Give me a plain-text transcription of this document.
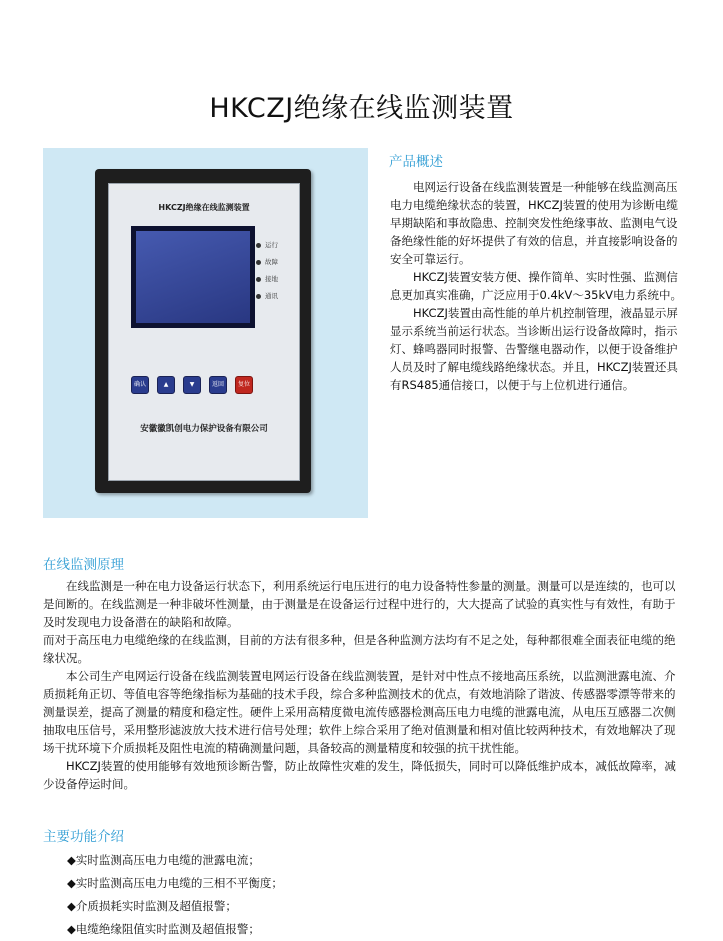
HKCZJ绝缘在线监测装置
HKCZJ绝缘在线监测装置
运行
故障
接地
通讯
确认	▲	▼	返回	复位
安徽徽凯创电力保护设备有限公司
产品概述

电网运行设备在线监测装置是一种能够在线监测高压电力电缆绝缘状态的装置，HKCZJ装置的使用为诊断电缆早期缺陷和事故隐患、控制突发性绝缘事故、监测电气设备绝缘性能的好坏提供了有效的信息，并直接影响设备的安全可靠运行。

HKCZJ装置安装方便、操作简单、实时性强、监测信息更加真实准确，广泛应用于0.4kV～35kV电力系统中。

HKCZJ装置由高性能的单片机控制管理，液晶显示屏显示系统当前运行状态。当诊断出运行设备故障时，指示灯、蜂鸣器同时报警、告警继电器动作，以便于设备维护人员及时了解电缆线路绝缘状态。并且，HKCZJ装置还具有RS485通信接口，以便于与上位机进行通信。

在线监测原理

在线监测是一种在电力设备运行状态下，利用系统运行电压进行的电力设备特性参量的测量。测量可以是连续的，也可以是间断的。在线监测是一种非破坏性测量，由于测量是在设备运行过程中进行的，大大提高了试验的真实性与有效性，有助于及时发现电力设备潜在的缺陷和故障。

而对于高压电力电缆绝缘的在线监测，目前的方法有很多种，但是各种监测方法均有不足之处，每种都很难全面表征电缆的绝缘状况。

本公司生产电网运行设备在线监测装置电网运行设备在线监测装置，是针对中性点不接地高压系统，以监测泄露电流、介质损耗角正切、等值电容等绝缘指标为基础的技术手段，综合多种监测技术的优点，有效地消除了谐波、传感器零漂等带来的测量误差，提高了测量的精度和稳定性。硬件上采用高精度微电流传感器检测高压电力电缆的泄露电流，从电压互感器二次侧抽取电压信号，采用整形滤波放大技术进行信号处理；软件上综合采用了绝对值测量和相对值比较两种技术，有效地解决了现场干扰环境下介质损耗及阻性电流的精确测量问题，具备较高的测量精度和较强的抗干扰性能。

HKCZJ装置的使用能够有效地预诊断告警，防止故障性灾难的发生，降低损失，同时可以降低维护成本，减低故障率，减少设备停运时间。

主要功能介绍
◆实时监测高压电力电缆的泄露电流；
◆实时监测高压电力电缆的三相不平衡度；
◆介质损耗实时监测及超值报警；
◆电缆绝缘阻值实时监测及超值报警；
